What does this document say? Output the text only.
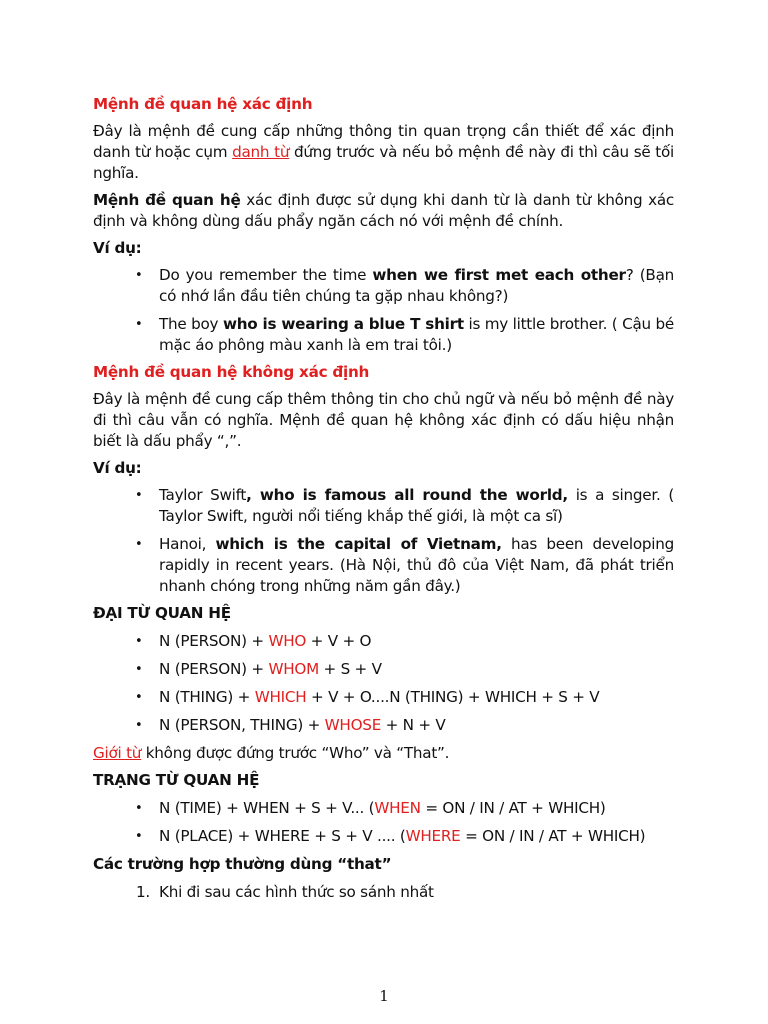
Mệnh đề quan hệ xác định

Đây là mệnh đề cung cấp những thông tin quan trọng cần thiết để xác định danh từ hoặc cụm danh từ đứng trước và nếu bỏ mệnh đề này đi thì câu sẽ tối nghĩa.

Mệnh đề quan hệ xác định được sử dụng khi danh từ là danh từ không xác định và không dùng dấu phẩy ngăn cách nó với mệnh đề chính.

Ví dụ:

• Do you remember the time when we first met each other? (Bạn có nhớ lần đầu tiên chúng ta gặp nhau không?)
• The boy who is wearing a blue T shirt is my little brother. ( Cậu bé mặc áo phông màu xanh là em trai tôi.)
Mệnh đề quan hệ không xác định

Đây là mệnh đề cung cấp thêm thông tin cho chủ ngữ và nếu bỏ mệnh đề này đi thì câu vẫn có nghĩa. Mệnh đề quan hệ không xác định có dấu hiệu nhận biết là dấu phẩy “,”.

Ví dụ:

• Taylor Swift, who is famous all round the world, is a singer. ( Taylor Swift, người nổi tiếng khắp thế giới, là một ca sĩ)
• Hanoi, which is the capital of Vietnam, has been developing rapidly in recent years. (Hà Nội, thủ đô của Việt Nam, đã phát triển nhanh chóng trong những năm gần đây.)
ĐẠI TỪ QUAN HỆ
• N (PERSON) + WHO + V + O
• N (PERSON) + WHOM + S + V
• N (THING) + WHICH + V + O....N (THING) + WHICH + S + V
• N (PERSON, THING) + WHOSE + N + V

Giới từ không được đứng trước “Who” và “That”.

TRẠNG TỪ QUAN HỆ
• N (TIME) + WHEN + S + V... (WHEN = ON / IN / AT + WHICH)
• N (PLACE) + WHERE + S + V .... (WHERE = ON / IN / AT + WHICH)
Các trường hợp thường dùng “that”
1. Khi đi sau các hình thức so sánh nhất
1
